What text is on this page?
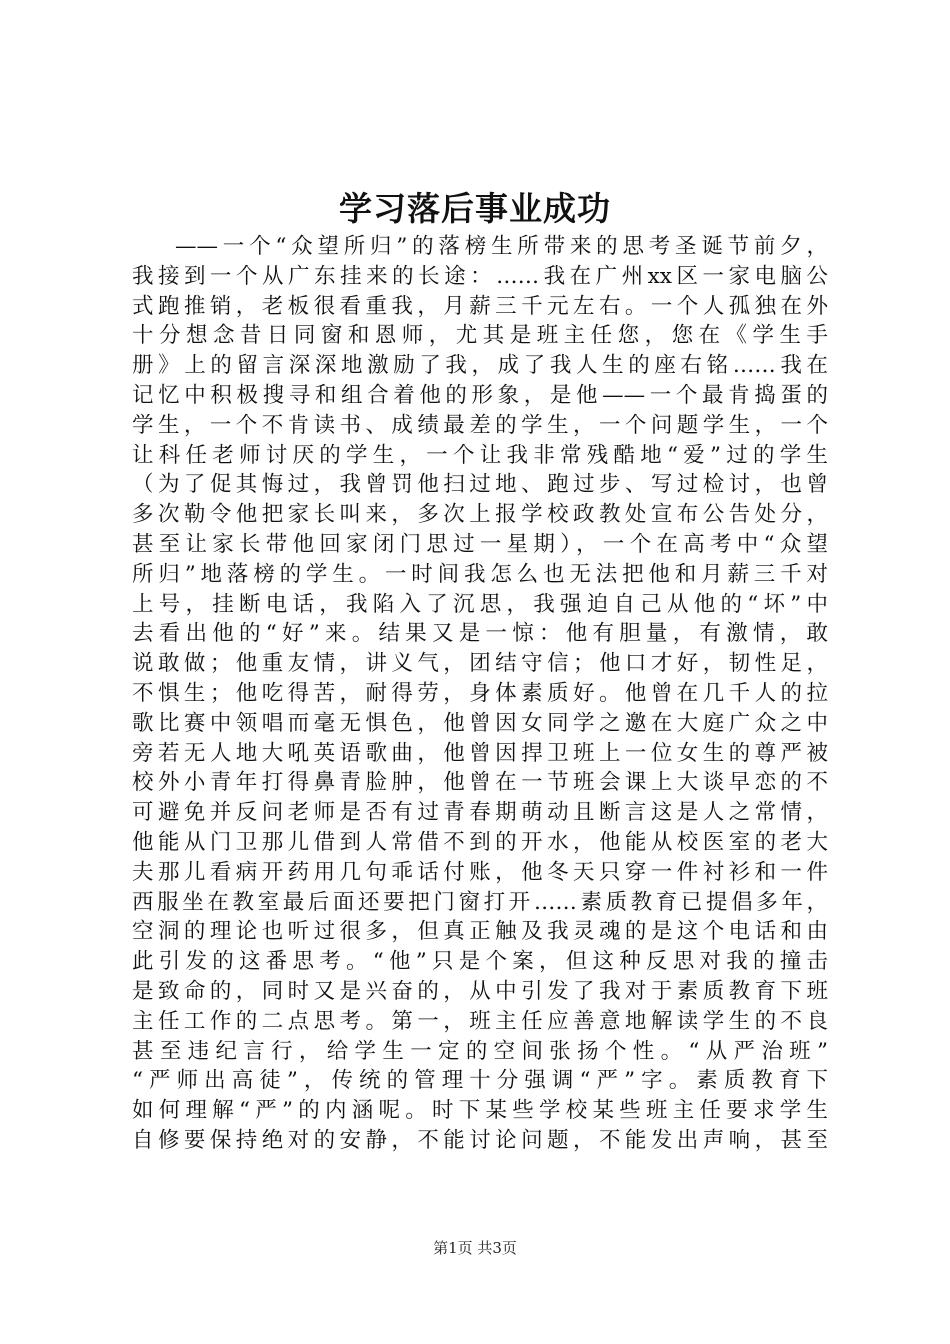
学习落后事业成功
——一个“众望所归”的落榜生所带来的思考圣诞节前夕，
我接到一个从广东挂来的长途：……我在广州xx区一家电脑公
式跑推销，老板很看重我，月薪三千元左右。一个人孤独在外
十分想念昔日同窗和恩师，尤其是班主任您，您在《学生手
册》上的留言深深地激励了我，成了我人生的座右铭……我在
记忆中积极搜寻和组合着他的形象，是他——一个最肯捣蛋的
学生，一个不肯读书、成绩最差的学生，一个问题学生，一个
让科任老师讨厌的学生，一个让我非常残酷地“爱”过的学生
（为了促其悔过，我曾罚他扫过地、跑过步、写过检讨，也曾
多次勒令他把家长叫来，多次上报学校政教处宣布公告处分，
甚至让家长带他回家闭门思过一星期），一个在高考中“众望
所归”地落榜的学生。一时间我怎么也无法把他和月薪三千对
上号，挂断电话，我陷入了沉思，我强迫自己从他的“坏”中
去看出他的“好”来。结果又是一惊：他有胆量，有激情，敢
说敢做；他重友情，讲义气，团结守信；他口才好，韧性足，
不惧生；他吃得苦，耐得劳，身体素质好。他曾在几千人的拉
歌比赛中领唱而毫无惧色，他曾因女同学之邀在大庭广众之中
旁若无人地大吼英语歌曲，他曾因捍卫班上一位女生的尊严被
校外小青年打得鼻青脸肿，他曾在一节班会课上大谈早恋的不
可避免并反问老师是否有过青春期萌动且断言这是人之常情，
他能从门卫那儿借到人常借不到的开水，他能从校医室的老大
夫那儿看病开药用几句乖话付账，他冬天只穿一件衬衫和一件
西服坐在教室最后面还要把门窗打开……素质教育已提倡多年，
空洞的理论也听过很多，但真正触及我灵魂的是这个电话和由
此引发的这番思考。“他”只是个案，但这种反思对我的撞击
是致命的，同时又是兴奋的，从中引发了我对于素质教育下班
主任工作的二点思考。第一，班主任应善意地解读学生的不良
甚至违纪言行，给学生一定的空间张扬个性。“从严治班”
“严师出高徒”，传统的管理十分强调“严”字。素质教育下
如何理解“严”的内涵呢。时下某些学校某些班主任要求学生
自修要保持绝对的安静，不能讨论问题，不能发出声响，甚至
第1页 共3页
